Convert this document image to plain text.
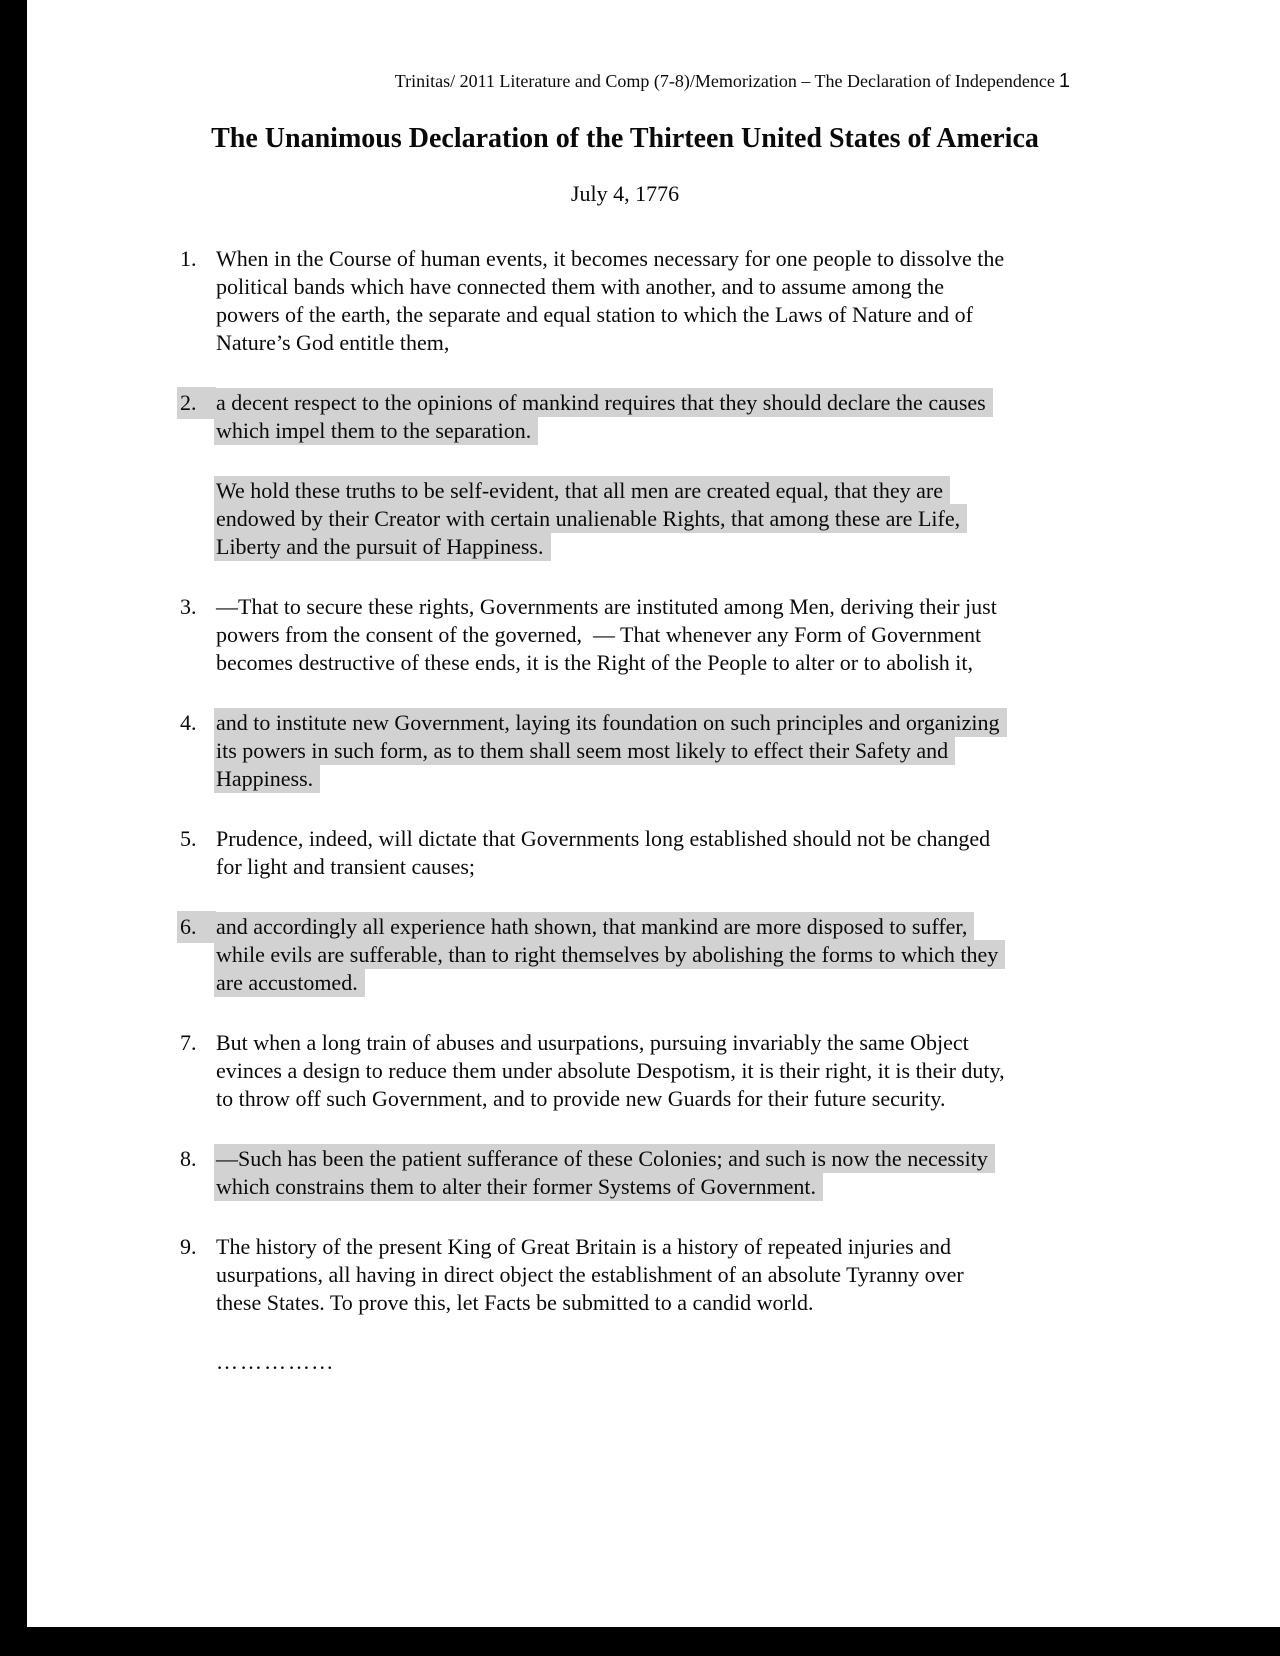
Trinitas/ 2011 Literature and Comp (7-8)/Memorization – The Declaration of Independence 1
The Unanimous Declaration of the Thirteen United States of America
July 4, 1776
1. When in the Course of human events, it becomes necessary for one people to dissolve the
political bands which have connected them with another, and to assume among the
powers of the earth, the separate and equal station to which the Laws of Nature and of
Nature’s God entitle them,
2. a decent respect to the opinions of mankind requires that they should declare the causes
which impel them to the separation.
We hold these truths to be self-evident, that all men are created equal, that they are
endowed by their Creator with certain unalienable Rights, that among these are Life,
Liberty and the pursuit of Happiness.
3. —That to secure these rights, Governments are instituted among Men, deriving their just
powers from the consent of the governed,  — That whenever any Form of Government
becomes destructive of these ends, it is the Right of the People to alter or to abolish it,
4. and to institute new Government, laying its foundation on such principles and organizing
its powers in such form, as to them shall seem most likely to effect their Safety and
Happiness.
5. Prudence, indeed, will dictate that Governments long established should not be changed
for light and transient causes;
6. and accordingly all experience hath shown, that mankind are more disposed to suffer,
while evils are sufferable, than to right themselves by abolishing the forms to which they
are accustomed.
7. But when a long train of abuses and usurpations, pursuing invariably the same Object
evinces a design to reduce them under absolute Despotism, it is their right, it is their duty,
to throw off such Government, and to provide new Guards for their future security.
8. —Such has been the patient sufferance of these Colonies; and such is now the necessity
which constrains them to alter their former Systems of Government.
9. The history of the present King of Great Britain is a history of repeated injuries and
usurpations, all having in direct object the establishment of an absolute Tyranny over
these States. To prove this, let Facts be submitted to a candid world.
…………...
